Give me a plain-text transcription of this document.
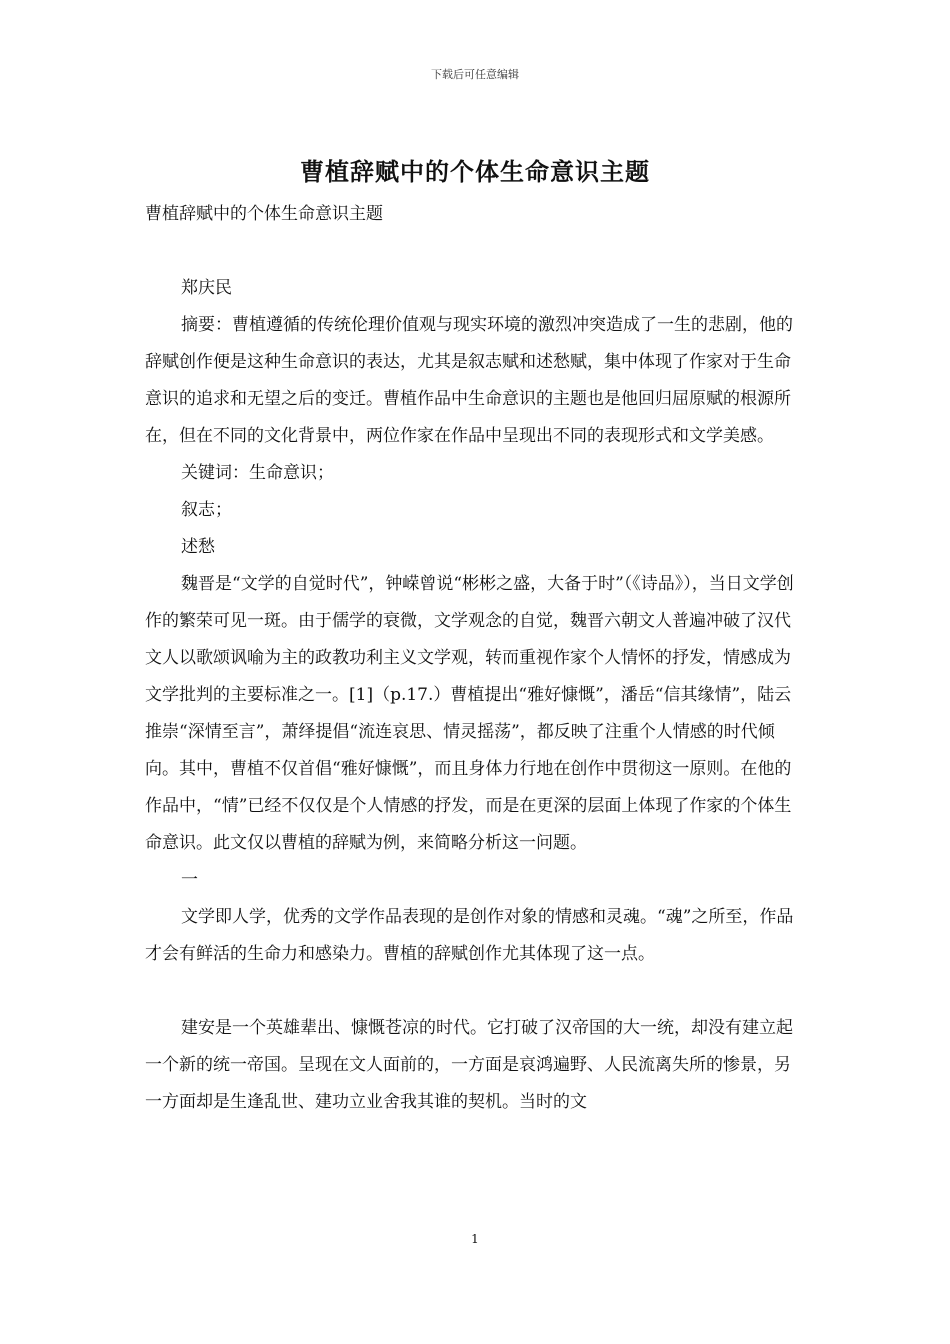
下载后可任意编辑
曹植辞赋中的个体生命意识主题

曹植辞赋中的个体生命意识主题

郑庆民

摘要：曹植遵循的传统伦理价值观与现实环境的激烈冲突造成了一生的悲剧，他的辞赋创作便是这种生命意识的表达，尤其是叙志赋和述愁赋，集中体现了作家对于生命意识的追求和无望之后的变迁。曹植作品中生命意识的主题也是他回归屈原赋的根源所在，但在不同的文化背景中，两位作家在作品中呈现出不同的表现形式和文学美感。

关键词：生命意识；

叙志；

述愁

魏晋是“文学的自觉时代”，钟嵘曾说“彬彬之盛，大备于时”（《诗品》），当日文学创作的繁荣可见一斑。由于儒学的衰微，文学观念的自觉，魏晋六朝文人普遍冲破了汉代文人以歌颂讽喻为主的政教功利主义文学观，转而重视作家个人情怀的抒发，情感成为文学批判的主要标准之一。[1]（p.17.）曹植提出“雅好慷慨”，潘岳“信其缘情”，陆云推崇“深情至言”，萧绎提倡“流连哀思、情灵摇荡”，都反映了注重个人情感的时代倾向。其中，曹植不仅首倡“雅好慷慨”，而且身体力行地在创作中贯彻这一原则。在他的作品中，“情”已经不仅仅是个人情感的抒发，而是在更深的层面上体现了作家的个体生命意识。此文仅以曹植的辞赋为例，来简略分析这一问题。

一

文学即人学，优秀的文学作品表现的是创作对象的情感和灵魂。“魂”之所至，作品才会有鲜活的生命力和感染力。曹植的辞赋创作尤其体现了这一点。

建安是一个英雄辈出、慷慨苍凉的时代。它打破了汉帝国的大一统，却没有建立起一个新的统一帝国。呈现在文人面前的，一方面是哀鸿遍野、人民流离失所的惨景，另一方面却是生逢乱世、建功立业舍我其谁的契机。当时的文

1
